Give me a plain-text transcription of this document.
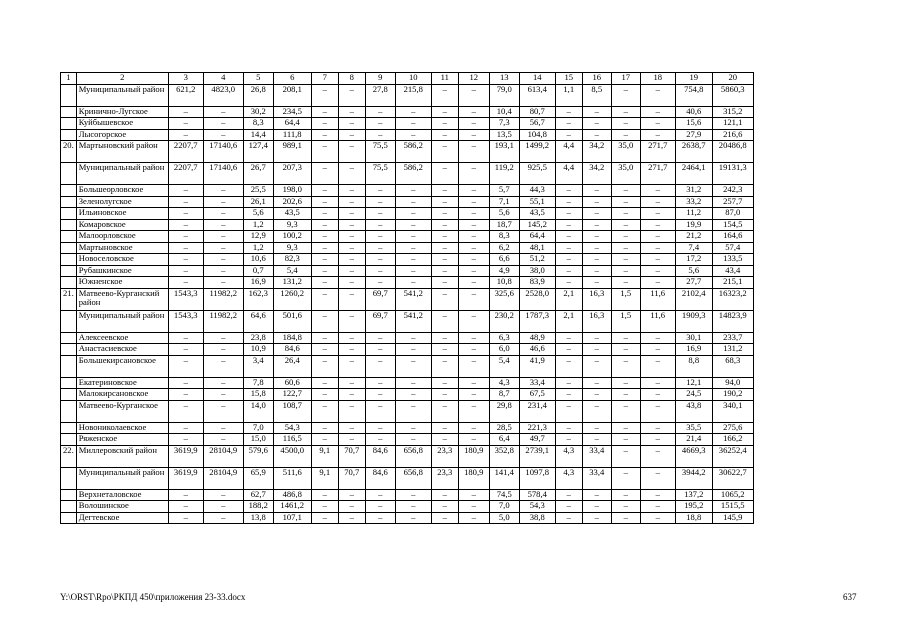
1	2	3	4	5	6	7	8	9	10	11	12	13	14	15	16	17	18	19	20
	Муниципальный район	621,2	4823,0	26,8	208,1	–	–	27,8	215,8	–	–	79,0	613,4	1,1	8,5	–	–	754,8	5860,3
	Кринично-Лугское	–	–	30,2	234,5	–	–	–	–	–	–	10,4	80,7	–	–	–	–	40,6	315,2
	Куйбышевское	–	–	8,3	64,4	–	–	–	–	–	–	7,3	56,7	–	–	–	–	15,6	121,1
	Лысогорское	–	–	14,4	111,8	–	–	–	–	–	–	13,5	104,8	–	–	–	–	27,9	216,6
20.	Мартыновский район	2207,7	17140,6	127,4	989,1	–	–	75,5	586,2	–	–	193,1	1499,2	4,4	34,2	35,0	271,7	2638,7	20486,8
	Муниципальный район	2207,7	17140,6	26,7	207,3	–	–	75,5	586,2	–	–	119,2	925,5	4,4	34,2	35,0	271,7	2464,1	19131,3
	Большеорловское	–	–	25,5	198,0	–	–	–	–	–	–	5,7	44,3	–	–	–	–	31,2	242,3
	Зеленолугское	–	–	26,1	202,6	–	–	–	–	–	–	7,1	55,1	–	–	–	–	33,2	257,7
	Ильиновское	–	–	5,6	43,5	–	–	–	–	–	–	5,6	43,5	–	–	–	–	11,2	87,0
	Комаровское	–	–	1,2	9,3	–	–	–	–	–	–	18,7	145,2	–	–	–	–	19,9	154,5
	Малоорловское	–	–	12,9	100,2	–	–	–	–	–	–	8,3	64,4	–	–	–	–	21,2	164,6
	Мартыновское	–	–	1,2	9,3	–	–	–	–	–	–	6,2	48,1	–	–	–	–	7,4	57,4
	Новоселовское	–	–	10,6	82,3	–	–	–	–	–	–	6,6	51,2	–	–	–	–	17,2	133,5
	Рубашкинское	–	–	0,7	5,4	–	–	–	–	–	–	4,9	38,0	–	–	–	–	5,6	43,4
	Южненское	–	–	16,9	131,2	–	–	–	–	–	–	10,8	83,9	–	–	–	–	27,7	215,1
21.	Матвеево-Курганский район	1543,3	11982,2	162,3	1260,2	–	–	69,7	541,2	–	–	325,6	2528,0	2,1	16,3	1,5	11,6	2102,4	16323,2
	Муниципальный район	1543,3	11982,2	64,6	501,6	–	–	69,7	541,2	–	–	230,2	1787,3	2,1	16,3	1,5	11,6	1909,3	14823,9
	Алексеевское	–	–	23,8	184,8	–	–	–	–	–	–	6,3	48,9	–	–	–	–	30,1	233,7
	Анастасиевское	–	–	10,9	84,6	–	–	–	–	–	–	6,0	46,6	–	–	–	–	16,9	131,2
	Большекирсановское	–	–	3,4	26,4	–	–	–	–	–	–	5,4	41,9	–	–	–	–	8,8	68,3
	Екатериновское	–	–	7,8	60,6	–	–	–	–	–	–	4,3	33,4	–	–	–	–	12,1	94,0
	Малокирсановское	–	–	15,8	122,7	–	–	–	–	–	–	8,7	67,5	–	–	–	–	24,5	190,2
	Матвеево-Курганское	–	–	14,0	108,7	–	–	–	–	–	–	29,8	231,4	–	–	–	–	43,8	340,1
	Новониколаевское	–	–	7,0	54,3	–	–	–	–	–	–	28,5	221,3	–	–	–	–	35,5	275,6
	Ряженское	–	–	15,0	116,5	–	–	–	–	–	–	6,4	49,7	–	–	–	–	21,4	166,2
22.	Миллеровский район	3619,9	28104,9	579,6	4500,0	9,1	70,7	84,6	656,8	23,3	180,9	352,8	2739,1	4,3	33,4	–	–	4669,3	36252,4
	Муниципальный район	3619,9	28104,9	65,9	511,6	9,1	70,7	84,6	656,8	23,3	180,9	141,4	1097,8	4,3	33,4	–	–	3944,2	30622,7
	Верхнеталовское	–	–	62,7	486,8	–	–	–	–	–	–	74,5	578,4	–	–	–	–	137,2	1065,2
	Волошинское	–	–	188,2	1461,2	–	–	–	–	–	–	7,0	54,3	–	–	–	–	195,2	1515,5
	Дегтевское	–	–	13,8	107,1	–	–	–	–	–	–	5,0	38,8	–	–	–	–	18,8	145,9
Y:\ORST\Rpo\РКПД 450\приложения 23-33.docx	637
